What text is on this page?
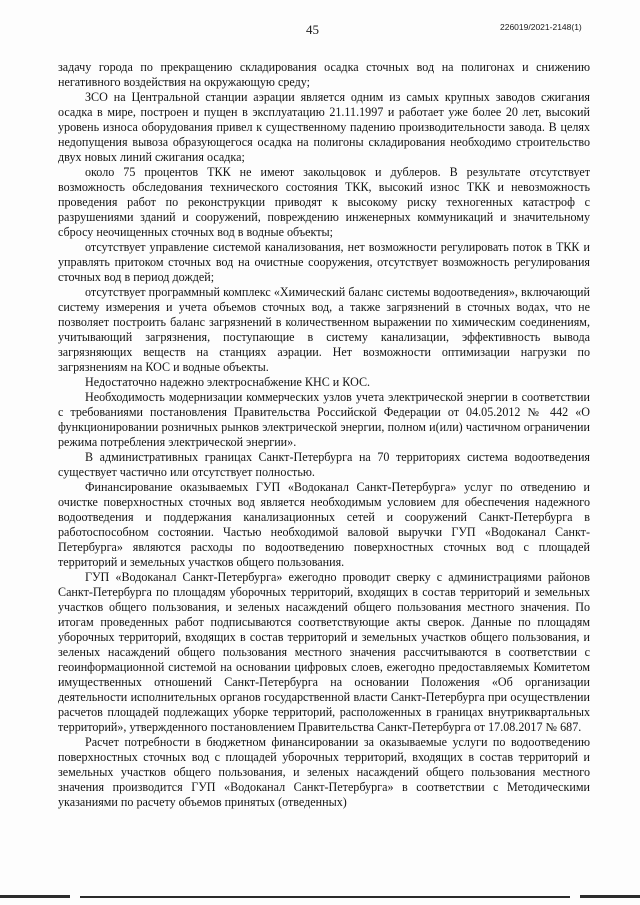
45	226019/2021-2148(1)

задачу города по прекращению складирования осадка сточных вод на полигонах и снижению негативного воздействия на окружающую среду;

ЗСО на Центральной станции аэрации является одним из самых крупных заводов сжигания осадка в мире, построен и пущен в эксплуатацию 21.11.1997 и работает уже более 20 лет, высокий уровень износа оборудования привел к существенному падению производительности завода. В целях недопущения вывоза образующегося осадка на полигоны складирования необходимо строительство двух новых линий сжигания осадка;

около 75 процентов ТКК не имеют закольцовок и дублеров. В результате отсутствует возможность обследования технического состояния ТКК, высокий износ ТКК и невозможность проведения работ по реконструкции приводят к высокому риску техногенных катастроф с разрушениями зданий и сооружений, повреждению инженерных коммуникаций и значительному сбросу неочищенных сточных вод в водные объекты;

отсутствует управление системой канализования, нет возможности регулировать поток в ТКК и управлять притоком сточных вод на очистные сооружения, отсутствует возможность регулирования сточных вод в период дождей;

отсутствует программный комплекс «Химический баланс системы водоотведения», включающий систему измерения и учета объемов сточных вод, а также загрязнений в сточных водах, что не позволяет построить баланс загрязнений в количественном выражении по химическим соединениям, учитывающий загрязнения, поступающие в систему канализации, эффективность вывода загрязняющих веществ на станциях аэрации. Нет возможности оптимизации нагрузки по загрязнениям на КОС и водные объекты.

Недостаточно надежно электроснабжение КНС и КОС.

Необходимость модернизации коммерческих узлов учета электрической энергии в соответствии с требованиями постановления Правительства Российской Федерации от 04.05.2012 № 442 «О функционировании розничных рынков электрической энергии, полном и(или) частичном ограничении режима потребления электрической энергии».

В административных границах Санкт-Петербурга на 70 территориях система водоотведения существует частично или отсутствует полностью.

Финансирование оказываемых ГУП «Водоканал Санкт-Петербурга» услуг по отведению и очистке поверхностных сточных вод является необходимым условием для обеспечения надежного водоотведения и поддержания канализационных сетей и сооружений Санкт-Петербурга в работоспособном состоянии. Частью необходимой валовой выручки ГУП «Водоканал Санкт-Петербурга» являются расходы по водоотведению поверхностных сточных вод с площадей территорий и земельных участков общего пользования.

ГУП «Водоканал Санкт-Петербурга» ежегодно проводит сверку с администрациями районов Санкт-Петербурга по площадям уборочных территорий, входящих в состав территорий и земельных участков общего пользования, и зеленых насаждений общего пользования местного значения. По итогам проведенных работ подписываются соответствующие акты сверок. Данные по площадям уборочных территорий, входящих в состав территорий и земельных участков общего пользования, и зеленых насаждений общего пользования местного значения рассчитываются в соответствии с геоинформационной системой на основании цифровых слоев, ежегодно предоставляемых Комитетом имущественных отношений Санкт-Петербурга на основании Положения «Об организации деятельности исполнительных органов государственной власти Санкт-Петербурга при осуществлении расчетов площадей подлежащих уборке территорий, расположенных в границах внутриквартальных территорий», утвержденного постановлением Правительства Санкт-Петербурга от 17.08.2017 № 687.

Расчет потребности в бюджетном финансировании за оказываемые услуги по водоотведению поверхностных сточных вод с площадей уборочных территорий, входящих в состав территорий и земельных участков общего пользования, и зеленых насаждений общего пользования местного значения производится ГУП «Водоканал Санкт-Петербурга» в соответствии с Методическими указаниями по расчету объемов принятых (отведенных)
